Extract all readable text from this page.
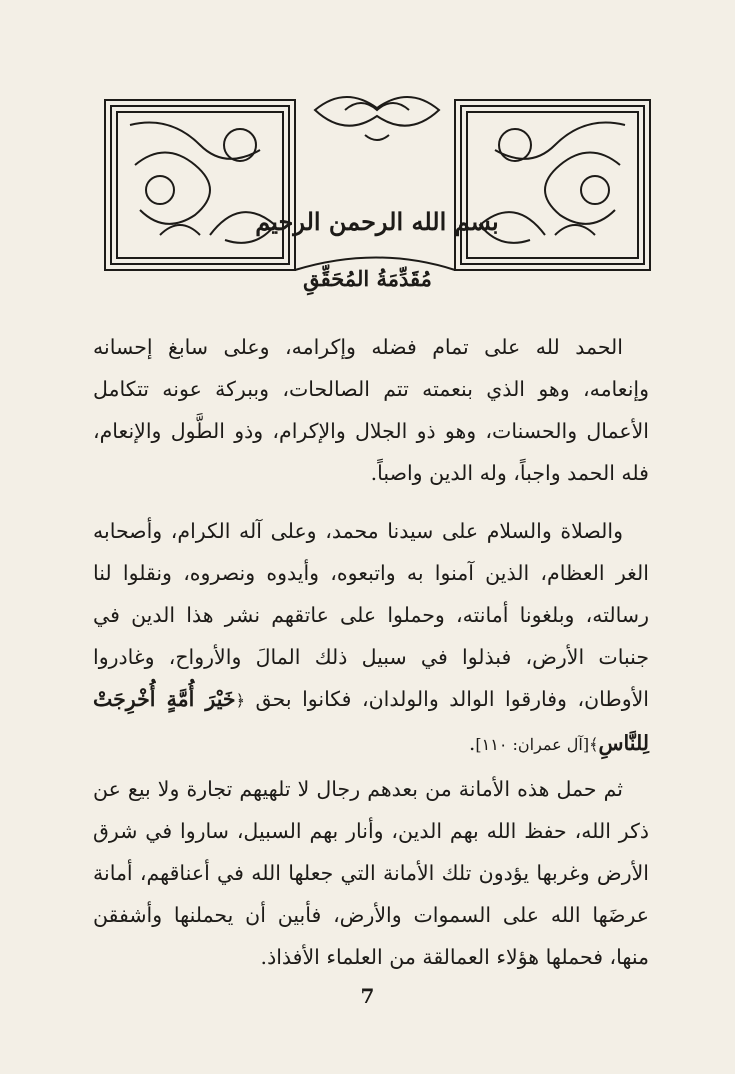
بسم الله الرحمن الرحيم
مُقَدِّمَةُ المُحَقِّقِ

الحمد لله على تمام فضله وإكرامه، وعلى سابغ إحسانه وإنعامه، وهو الذي بنعمته تتم الصالحات، وببركة عونه تتكامل الأعمال والحسنات، وهو ذو الجلال والإكرام، وذو الطَّول والإنعام، فله الحمد واجباً، وله الدين واصباً.

والصلاة والسلام على سيدنا محمد، وعلى آله الكرام، وأصحابه الغر العظام، الذين آمنوا به واتبعوه، وأيدوه ونصروه، ونقلوا لنا رسالته، وبلغونا أمانته، وحملوا على عاتقهم نشر هذا الدين في جنبات الأرض، فبذلوا في سبيل ذلك المالَ والأرواح، وغادروا الأوطان، وفارقوا الوالد والولدان، فكانوا بحق ﴿خَيْرَ أُمَّةٍ أُخْرِجَتْ لِلنَّاسِ﴾[آل عمران: ١١٠].

ثم حمل هذه الأمانة من بعدهم رجال لا تلهيهم تجارة ولا بيع عن ذكر الله، حفظ الله بهم الدين، وأنار بهم السبيل، ساروا في شرق الأرض وغربها يؤدون تلك الأمانة التي جعلها الله في أعناقهم، أمانة عرضَها الله على السموات والأرض، فأبين أن يحملنها وأشفقن منها، فحملها هؤلاء العمالقة من العلماء الأفذاذ.

7
